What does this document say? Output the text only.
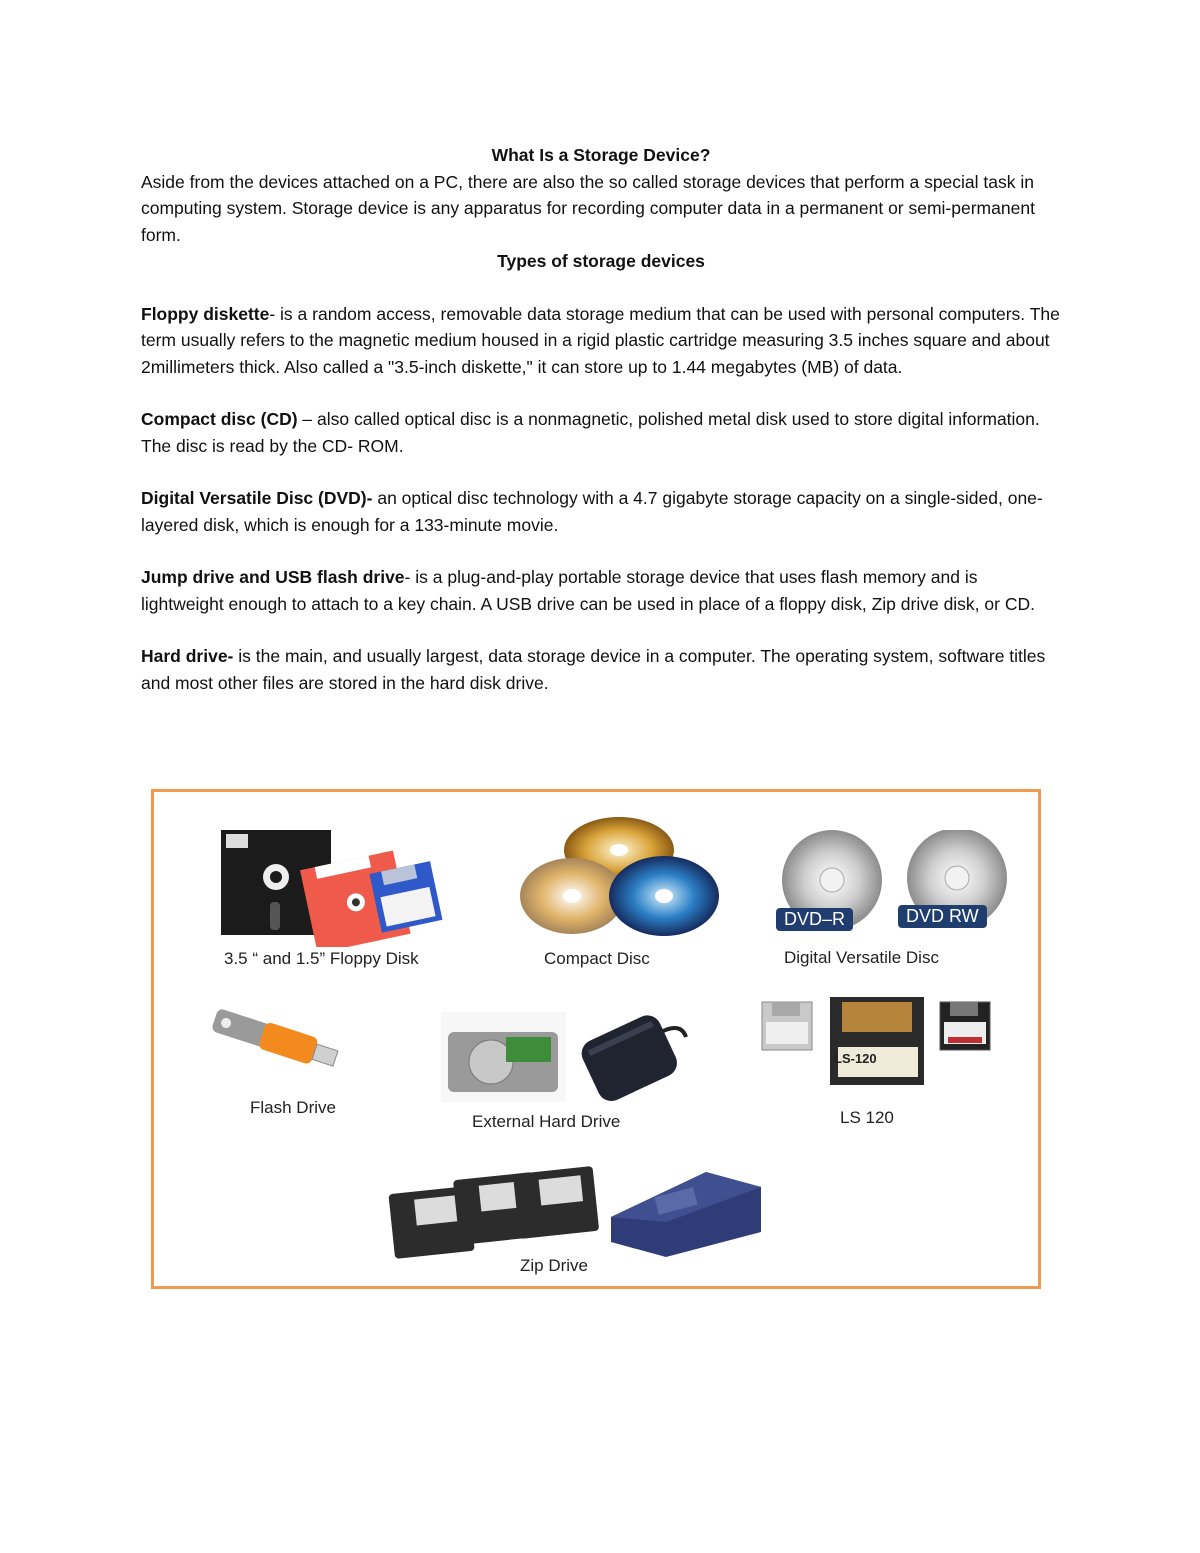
What Is a Storage Device?

Aside from the devices attached on a PC, there are also the so called storage devices that perform a special task in computing system. Storage device is any apparatus for recording computer data in a permanent or semi-permanent form.

Types of storage devices

Floppy diskette- is a random access, removable data storage medium that can be used with personal computers. The term usually refers to the magnetic medium housed in a rigid plastic cartridge measuring 3.5 inches square and about 2millimeters thick. Also called a "3.5-inch diskette," it can store up to 1.44 megabytes (MB) of data.

Compact disc (CD) – also called optical disc is a nonmagnetic, polished metal disk used to store digital information. The disc is read by the CD- ROM.

Digital Versatile Disc (DVD)- an optical disc technology with a 4.7 gigabyte storage capacity on a single-sided, one-layered disk, which is enough for a 133-minute movie.

Jump drive and USB flash drive- is a plug-and-play portable storage device that uses flash memory and is lightweight enough to attach to a key chain. A USB drive can be used in place of a floppy disk, Zip drive disk, or CD.

Hard drive- is the main, and usually largest, data storage device in a computer. The operating system, software titles and most other files are stored in the hard disk drive.

3.5 “ and 1.5” Floppy Disk	Compact Disc
DVD–R	DVD RW
Digital Versatile Disc
Flash Drive
External Hard Drive
LS-120
LS 120
Zip Drive
